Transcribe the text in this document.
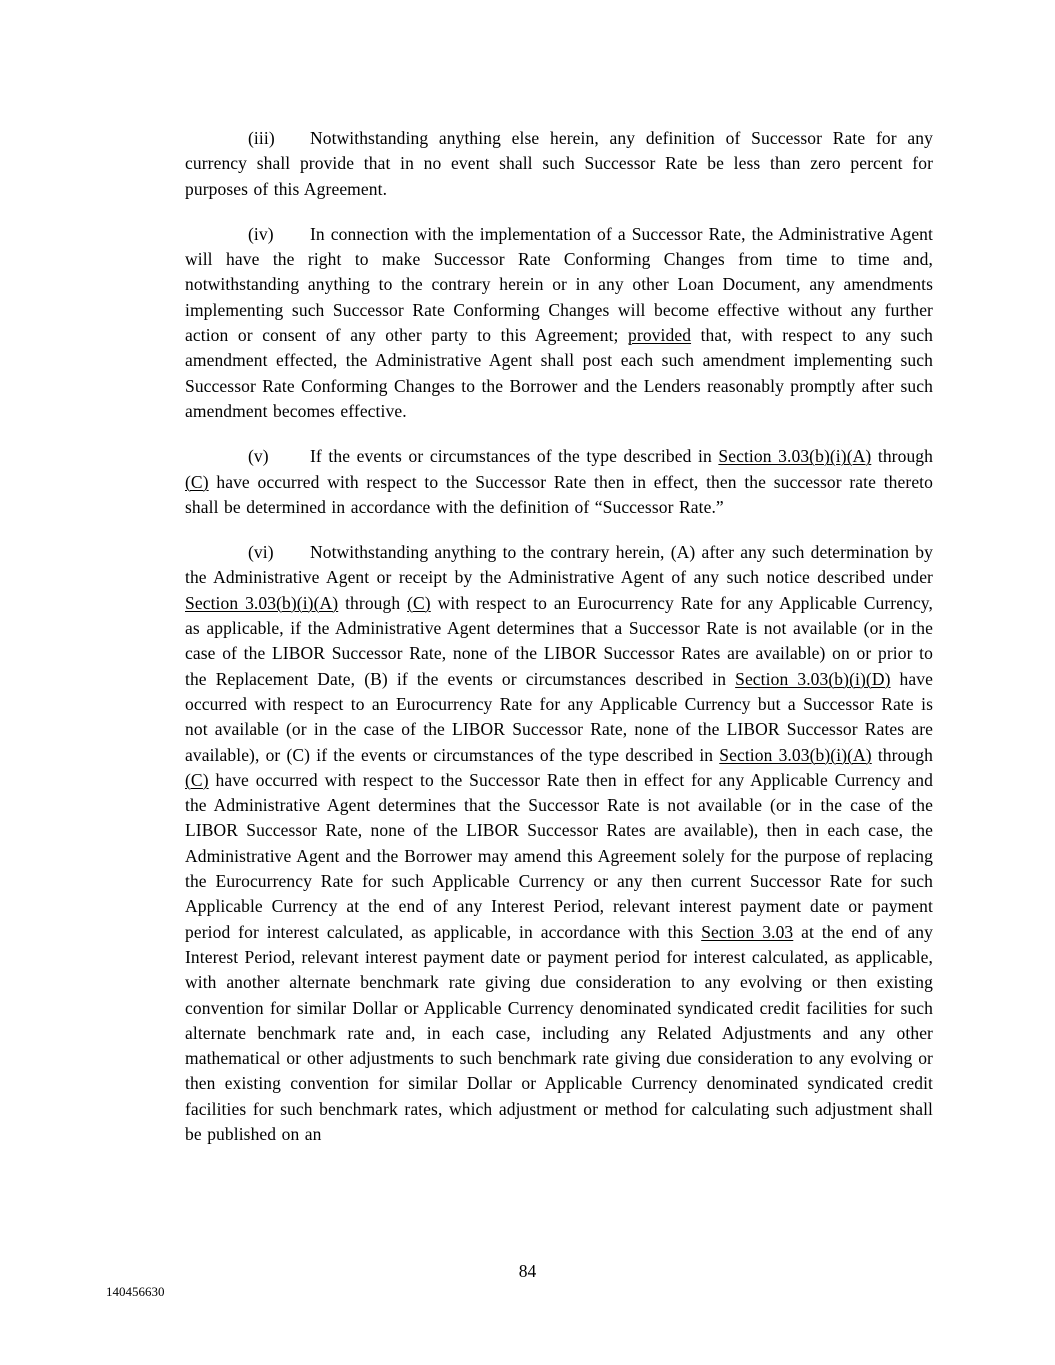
(iii) Notwithstanding anything else herein, any definition of Successor Rate for any currency shall provide that in no event shall such Successor Rate be less than zero percent for purposes of this Agreement.

(iv) In connection with the implementation of a Successor Rate, the Administrative Agent will have the right to make Successor Rate Conforming Changes from time to time and, notwithstanding anything to the contrary herein or in any other Loan Document, any amendments implementing such Successor Rate Conforming Changes will become effective without any further action or consent of any other party to this Agreement; provided that, with respect to any such amendment effected, the Administrative Agent shall post each such amendment implementing such Successor Rate Conforming Changes to the Borrower and the Lenders reasonably promptly after such amendment becomes effective.

(v) If the events or circumstances of the type described in Section 3.03(b)(i)(A) through (C) have occurred with respect to the Successor Rate then in effect, then the successor rate thereto shall be determined in accordance with the definition of “Successor Rate.”

(vi) Notwithstanding anything to the contrary herein, (A) after any such determination by the Administrative Agent or receipt by the Administrative Agent of any such notice described under Section 3.03(b)(i)(A) through (C) with respect to an Eurocurrency Rate for any Applicable Currency, as applicable, if the Administrative Agent determines that a Successor Rate is not available (or in the case of the LIBOR Successor Rate, none of the LIBOR Successor Rates are available) on or prior to the Replacement Date, (B) if the events or circumstances described in Section 3.03(b)(i)(D) have occurred with respect to an Eurocurrency Rate for any Applicable Currency but a Successor Rate is not available (or in the case of the LIBOR Successor Rate, none of the LIBOR Successor Rates are available), or (C) if the events or circumstances of the type described in Section 3.03(b)(i)(A) through (C) have occurred with respect to the Successor Rate then in effect for any Applicable Currency and the Administrative Agent determines that the Successor Rate is not available (or in the case of the LIBOR Successor Rate, none of the LIBOR Successor Rates are available), then in each case, the Administrative Agent and the Borrower may amend this Agreement solely for the purpose of replacing the Eurocurrency Rate for such Applicable Currency or any then current Successor Rate for such Applicable Currency at the end of any Interest Period, relevant interest payment date or payment period for interest calculated, as applicable, in accordance with this Section 3.03 at the end of any Interest Period, relevant interest payment date or payment period for interest calculated, as applicable, with another alternate benchmark rate giving due consideration to any evolving or then existing convention for similar Dollar or Applicable Currency denominated syndicated credit facilities for such alternate benchmark rate and, in each case, including any Related Adjustments and any other mathematical or other adjustments to such benchmark rate giving due consideration to any evolving or then existing convention for similar Dollar or Applicable Currency denominated syndicated credit facilities for such benchmark rates, which adjustment or method for calculating such adjustment shall be published on an

84
140456630
